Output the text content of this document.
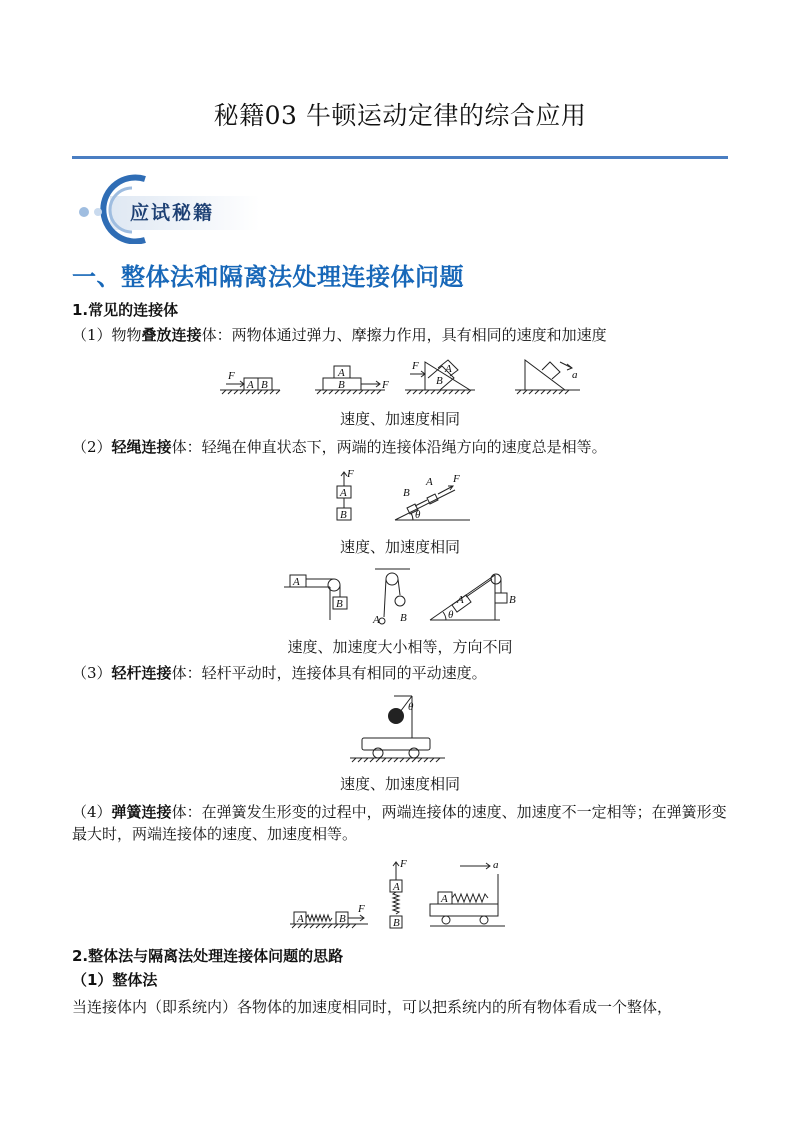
秘籍03 牛顿运动定律的综合应用
应试秘籍
一、整体法和隔离法处理连接体问题
1.常见的连接体
（1）物物叠放连接体：两物体通过弹力、摩擦力作用，具有相同的速度和加速度
F
A B
A
B	F
F A
B	a
速度、加速度相同
（2）轻绳连接体：轻绳在伸直状态下，两端的连接体沿绳方向的速度总是相等。
F
A
B
B
A F
θ
速度、加速度相同
A
B
A B
A	B
θ
速度、加速度大小相等，方向不同
（3）轻杆连接体：轻杆平动时，连接体具有相同的平动速度。
θ
速度、加速度相同
（4）弹簧连接体：在弹簧发生形变的过程中，两端连接体的速度、加速度不一定相等；在弹簧形变最大时，两端连接体的速度、加速度相等。
A	B
F
A
B
F
A
a
2.整体法与隔离法处理连接体问题的思路
（1）整体法
当连接体内（即系统内）各物体的加速度相同时，可以把系统内的所有物体看成一个整体，
